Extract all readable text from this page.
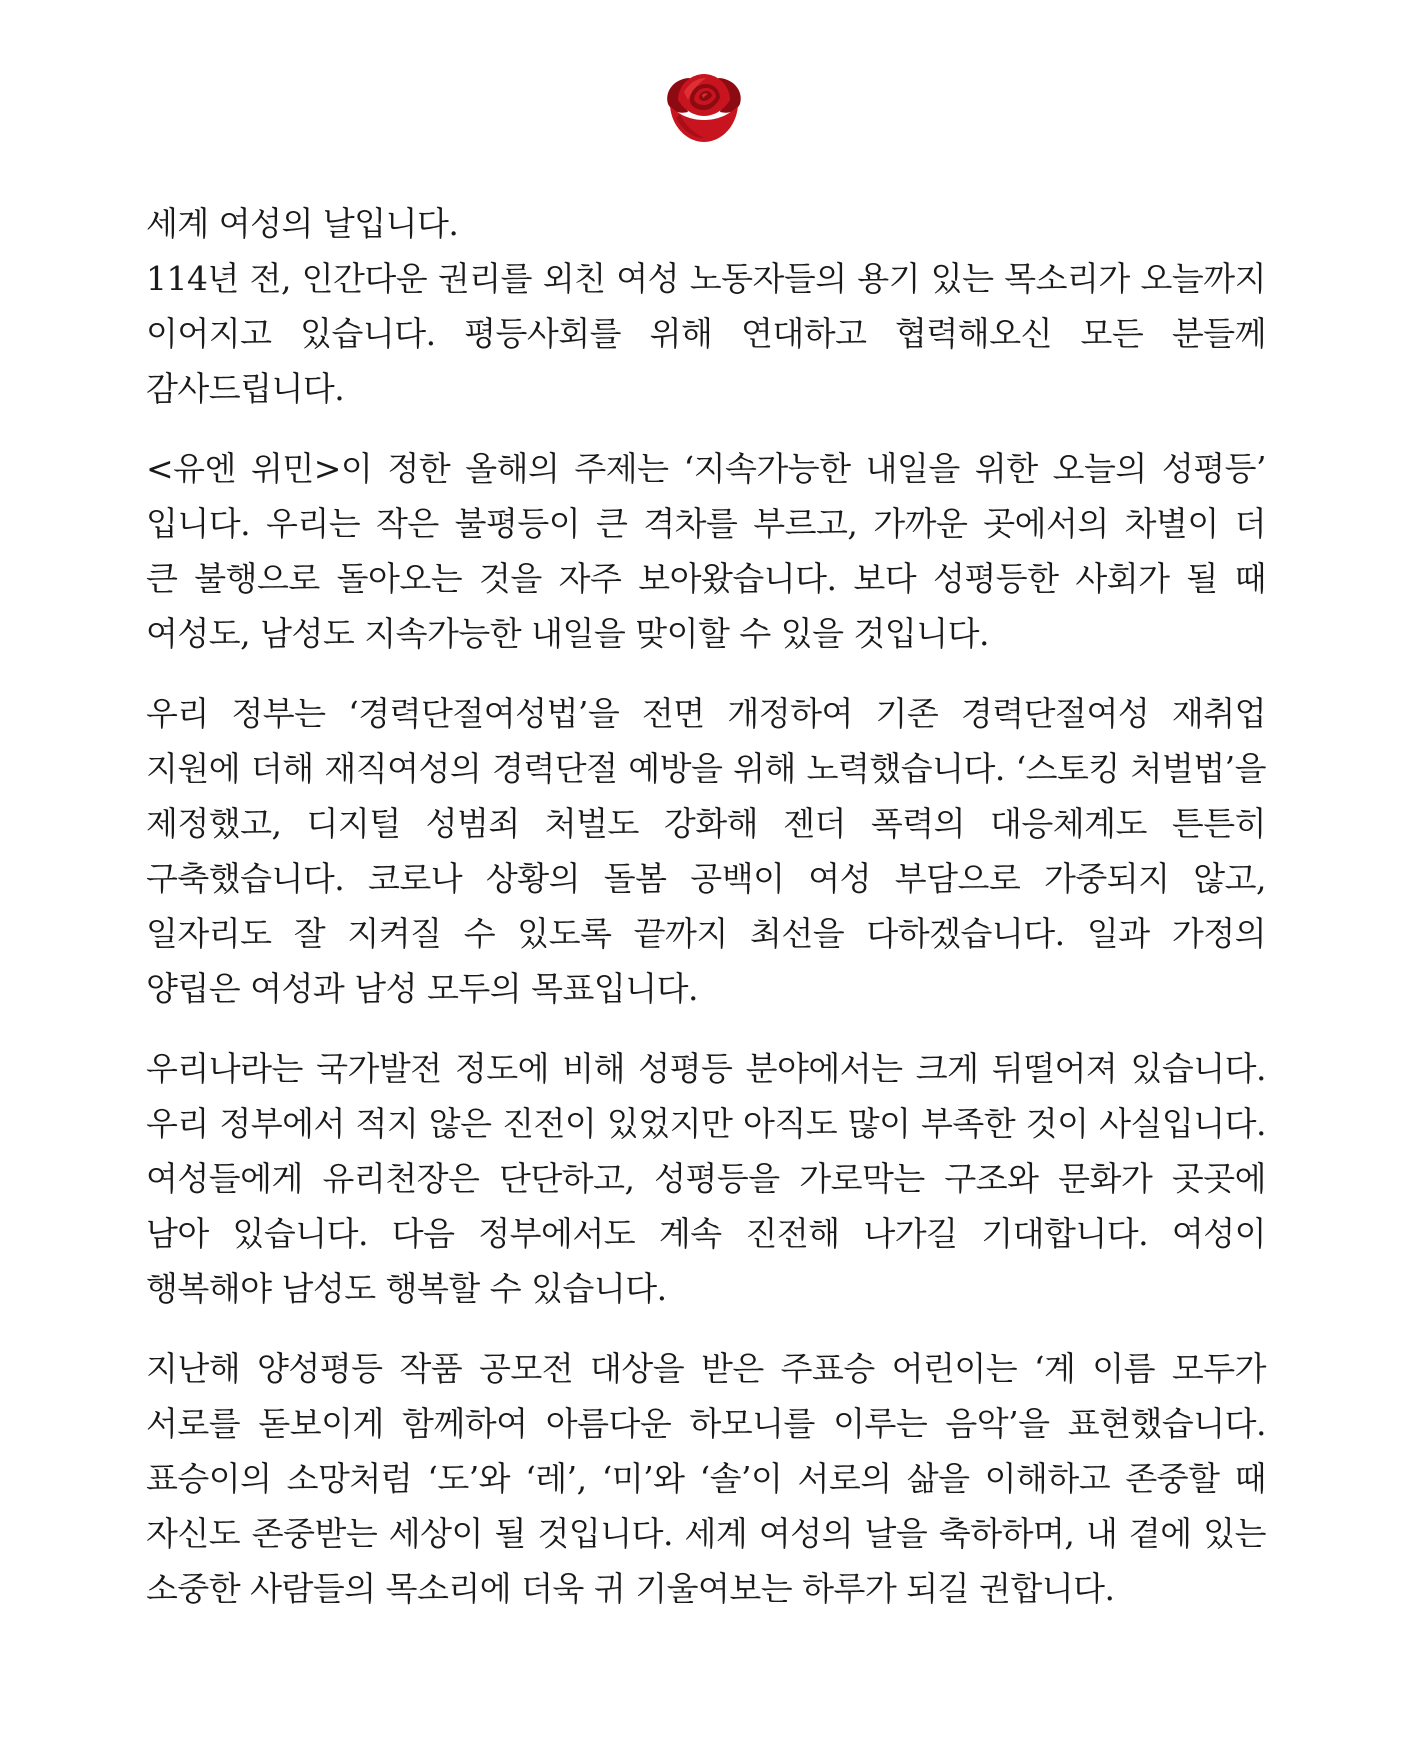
세계 여성의 날입니다.
114년 전, 인간다운 권리를 외친 여성 노동자들의 용기 있는 목소리가 오늘까지
이어지고 있습니다. 평등사회를 위해 연대하고 협력해오신 모든 분들께
감사드립니다.
<유엔 위민>이 정한 올해의 주제는 ‘지속가능한 내일을 위한 오늘의 성평등’
입니다. 우리는 작은 불평등이 큰 격차를 부르고, 가까운 곳에서의 차별이 더
큰 불행으로 돌아오는 것을 자주 보아왔습니다. 보다 성평등한 사회가 될 때
여성도, 남성도 지속가능한 내일을 맞이할 수 있을 것입니다.
우리 정부는 ‘경력단절여성법’을 전면 개정하여 기존 경력단절여성 재취업
지원에 더해 재직여성의 경력단절 예방을 위해 노력했습니다. ‘스토킹 처벌법’을
제정했고, 디지털 성범죄 처벌도 강화해 젠더 폭력의 대응체계도 튼튼히
구축했습니다. 코로나 상황의 돌봄 공백이 여성 부담으로 가중되지 않고,
일자리도 잘 지켜질 수 있도록 끝까지 최선을 다하겠습니다. 일과 가정의
양립은 여성과 남성 모두의 목표입니다.
우리나라는 국가발전 정도에 비해 성평등 분야에서는 크게 뒤떨어져 있습니다.
우리 정부에서 적지 않은 진전이 있었지만 아직도 많이 부족한 것이 사실입니다.
여성들에게 유리천장은 단단하고, 성평등을 가로막는 구조와 문화가 곳곳에
남아 있습니다. 다음 정부에서도 계속 진전해 나가길 기대합니다. 여성이
행복해야 남성도 행복할 수 있습니다.
지난해 양성평등 작품 공모전 대상을 받은 주표승 어린이는 ‘계 이름 모두가
서로를 돋보이게 함께하여 아름다운 하모니를 이루는 음악’을 표현했습니다.
표승이의 소망처럼 ‘도’와 ‘레’, ‘미’와 ‘솔’이 서로의 삶을 이해하고 존중할 때
자신도 존중받는 세상이 될 것입니다. 세계 여성의 날을 축하하며, 내 곁에 있는
소중한 사람들의 목소리에 더욱 귀 기울여보는 하루가 되길 권합니다.
